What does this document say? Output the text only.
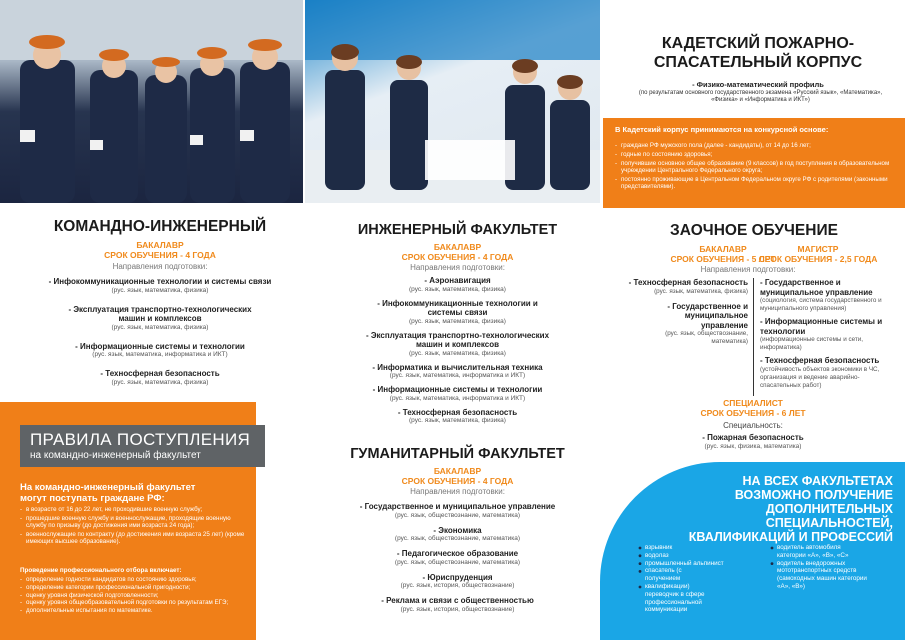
КАДЕТСКИЙ ПОЖАРНО-СПАСАТЕЛЬНЫЙ КОРПУС
- Физико-математический профиль
(по результатам основного государственного экзамена «Русский язык», «Математика», «Физика» и «Информатика и ИКТ»)
В Кадетский корпус принимаются на конкурсной основе:
- граждане РФ мужского пола (далее - кандидаты), от 14 до 16 лет;
- годные по состоянию здоровья;
- получившие основное общее образование (9 классов) в год поступления в образовательном учреждении Центрального Федерального округа;
- постоянно проживающие в Центральном Федеральном округе РФ с родителями (законными представителями).
КОМАНДНО-ИНЖЕНЕРНЫЙ
БАКАЛАВР
СРОК ОБУЧЕНИЯ - 4 ГОДА
Направления подготовки:
- Инфокоммуникационные технологии и системы связи
(рус. язык, математика, физика)
- Эксплуатация транспортно-технологических машин и комплексов
(рус. язык, математика, физика)
- Информационные системы и технологии
(рус. язык, математика, информатика и ИКТ)
- Техносферная безопасность
(рус. язык, математика, физика)
ПРАВИЛА ПОСТУПЛЕНИЯ
на командно-инженерный факультет
На командно-инженерный факультет могут поступать граждане РФ:
- в возрасте от 16 до 22 лет, не проходившие военную службу;
- прошедшие военную службу и военнослужащие, проходящие военную службу по призыву (до достижения ими возраста 24 года);
- военнослужащие по контракту (до достижения ими возраста 25 лет) (кроме имеющих высшее образование).
Проведение профессионального отбора включает:
- определение годности кандидатов по состоянию здоровья;
- определение категории профессиональной пригодности;
- оценку уровня физической подготовленности;
- оценку уровня общеобразовательной подготовки по результатам ЕГЭ;
- дополнительные испытания по математике.
ИНЖЕНЕРНЫЙ ФАКУЛЬТЕТ
БАКАЛАВР
СРОК ОБУЧЕНИЯ - 4 ГОДА
Направления подготовки:
- Аэронавигация
(рус. язык, математика, физика)
- Инфокоммуникационные технологии и системы связи
(рус. язык, математика, физика)
- Эксплуатация транспортно-технологических машин и комплексов
(рус. язык, математика, физика)
- Информатика и вычислительная техника
(рус. язык, математика, информатика и ИКТ)
- Информационные системы и технологии
(рус. язык, математика, информатика и ИКТ)
- Техносферная безопасность
(рус. язык, математика, физика)
ГУМАНИТАРНЫЙ ФАКУЛЬТЕТ
БАКАЛАВР
СРОК ОБУЧЕНИЯ - 4 ГОДА
Направления подготовки:
- Государственное и муниципальное управление
(рус. язык, обществознание, математика)
- Экономика
(рус. язык, обществознание, математика)
- Педагогическое образование
(рус. язык, обществознание, математика)
- Юриспруденция
(рус. язык, история, обществознание)
- Реклама и связи с общественностью
(рус. язык, история, обществознание)
ЗАОЧНОЕ ОБУЧЕНИЕ
БАКАЛАВР
СРОК ОБУЧЕНИЯ - 5 ЛЕТ
Направления подготовки:
МАГИСТР
СРОК ОБУЧЕНИЯ - 2,5 ГОДА
- Техносферная безопасность
(рус. язык, математика, физика)
- Государственное и муниципальное управление
(рус. язык, обществознание, математика)
- Государственное и муниципальное управление
(социология, система государственного и муниципального управления)
- Информационные системы и технологии
(информационные системы и сети, информатика)
- Техносферная безопасность
(устойчивость объектов экономики в ЧС, организация и ведение аварийно-спасательных работ)
СПЕЦИАЛИСТ
СРОК ОБУЧЕНИЯ - 6 ЛЕТ
Специальность:
- Пожарная безопасность
(рус. язык, физика, математика)
НА ВСЕХ ФАКУЛЬТЕТАХ ВОЗМОЖНО ПОЛУЧЕНИЕ ДОПОЛНИТЕЛЬНЫХ СПЕЦИАЛЬНОСТЕЙ, КВАЛИФИКАЦИЙ И ПРОФЕССИЙ
взрывник
водолаз
промышленный альпинист
спасатель (с получением квалификации)
переводчик в сфере профессиональной коммуникации
водитель автомобиля категории «А», «В», «С»
водитель внедорожных мототранспортных средств (самоходных машин категории «А», «В»)
